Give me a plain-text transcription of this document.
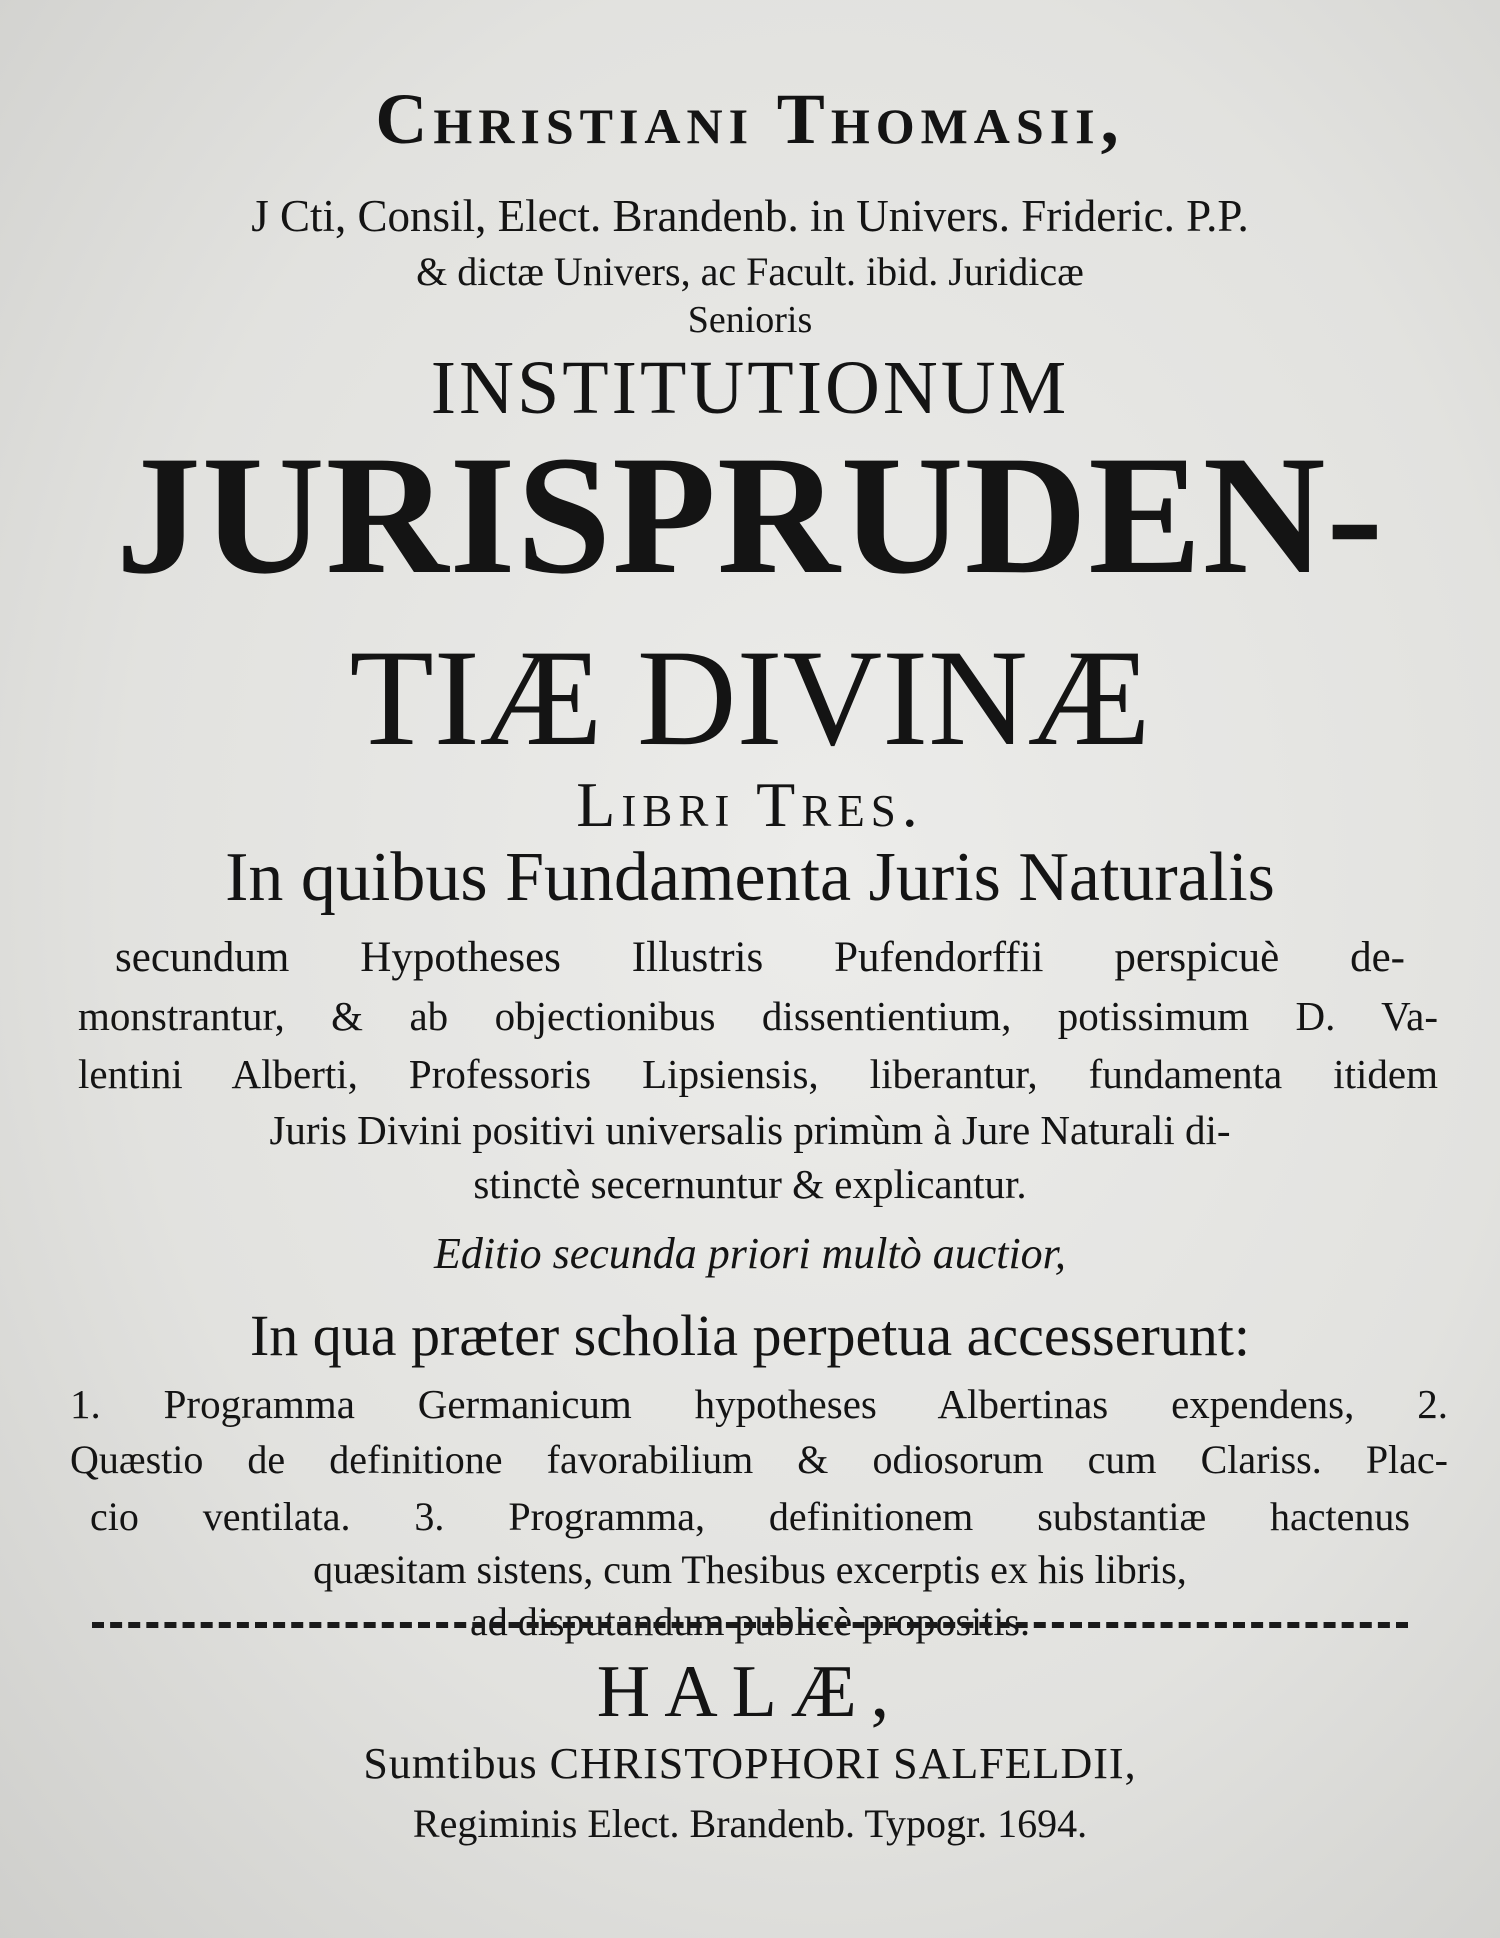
Christiani Thomasii,
J Cti, Consil, Elect. Brandenb. in Univers. Frideric. P.P.
& dictæ Univers, ac Facult. ibid. Juridicæ
Senioris
INSTITUTIONUM
JURISPRUDEN-
TIÆ DIVINÆ
Libri Tres.
In quibus Fundamenta Juris Naturalis
secundum Hypotheses Illustris Pufendorffii perspicuè de-
monstrantur, & ab objectionibus dissentientium, potissimum D. Va-
lentini Alberti, Professoris Lipsiensis, liberantur, fundamenta itidem
Juris Divini positivi universalis primùm à Jure Naturali di-
stinctè secernuntur & explicantur.
Editio secunda priori multò auctior,
In qua præter scholia perpetua accesserunt:
1. Programma Germanicum hypotheses Albertinas expendens, 2.
Quæstio de definitione favorabilium & odiosorum cum Clariss. Plac-
cio ventilata. 3. Programma, definitionem substantiæ hactenus
quæsitam sistens, cum Thesibus excerptis ex his libris,
ad disputandum publicè propositis.
HALÆ,
Sumtibus CHRISTOPHORI SALFELDII,
Regiminis Elect. Brandenb. Typogr. 1694.
